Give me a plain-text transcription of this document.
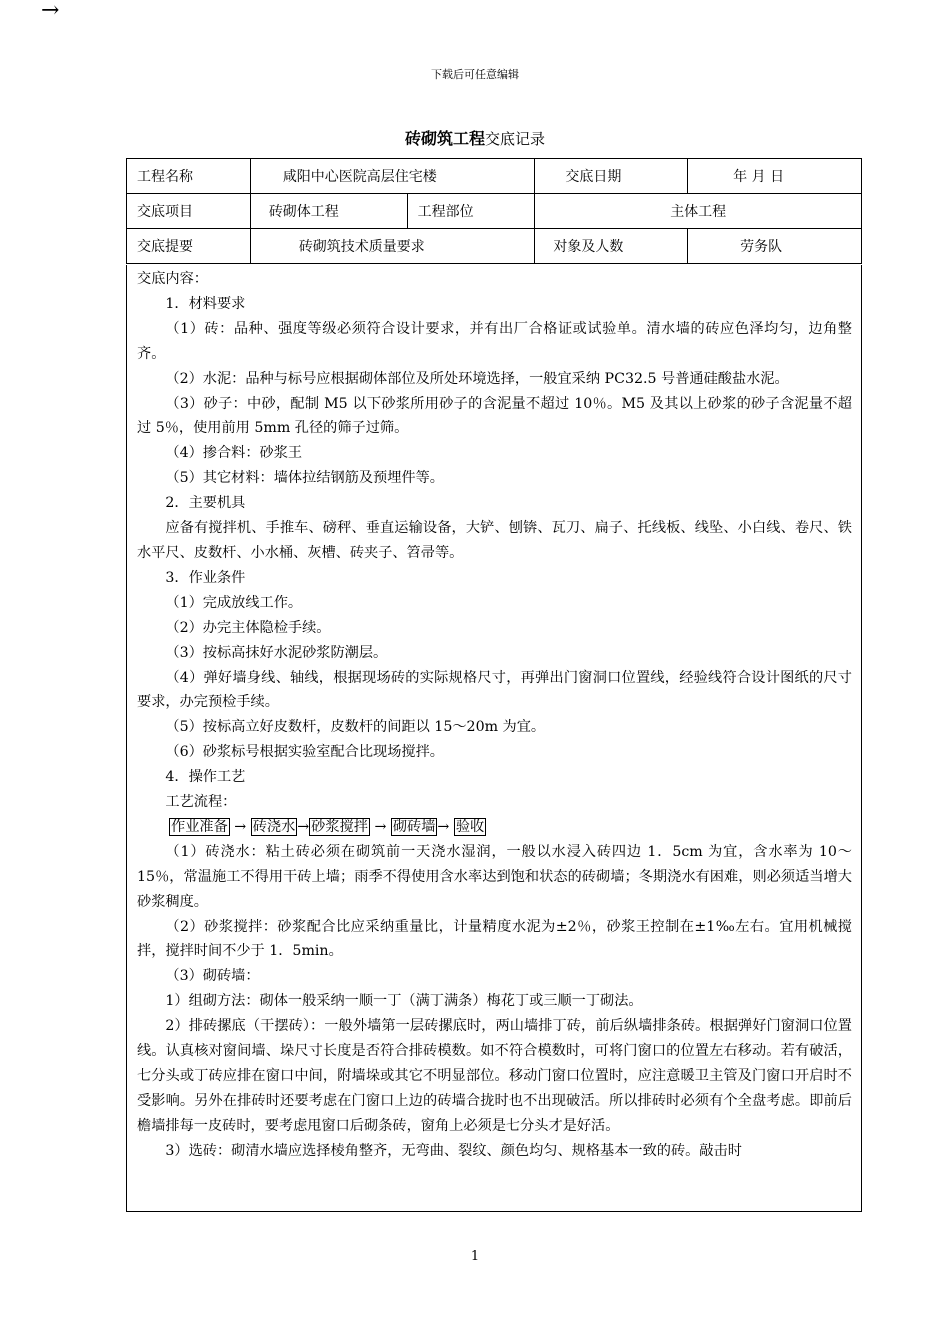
→
下载后可任意编辑
砖砌筑工程交底记录
工程名称	咸阳中心医院高层住宅楼		交底日期	年 月 日
交底项目	砖砌体工程	工程部位	主体工程	
交底提要	砖砌筑技术质量要求		对象及人数	劳务队

交底内容：

1．材料要求

（1）砖：品种、强度等级必须符合设计要求，并有出厂合格证或试验单。清水墙的砖应色泽均匀，边角整齐。

（2）水泥：品种与标号应根据砌体部位及所处环境选择，一般宜采纳 PC32.5 号普通硅酸盐水泥。

（3）砂子：中砂，配制 M5 以下砂浆所用砂子的含泥量不超过 10％。M5 及其以上砂浆的砂子含泥量不超过 5％，使用前用 5mm 孔径的筛子过筛。

（4）掺合料：砂浆王

（5）其它材料：墙体拉结钢筋及预埋件等。

2．主要机具

应备有搅拌机、手推车、磅秤、垂直运输设备，大铲、刨锛、瓦刀、扁子、托线板、线坠、小白线、卷尺、铁水平尺、皮数杆、小水桶、灰槽、砖夹子、笤帚等。

3．作业条件

（1）完成放线工作。

（2）办完主体隐检手续。

（3）按标高抹好水泥砂浆防潮层。

（4）弹好墙身线、轴线，根据现场砖的实际规格尺寸，再弹出门窗洞口位置线，经验线符合设计图纸的尺寸要求，办完预检手续。

（5）按标高立好皮数杆，皮数杆的间距以 15～20m 为宜。

（6）砂浆标号根据实验室配合比现场搅拌。

4．操作工艺

工艺流程：

作业准备 → 砖浇水 → 砂浆搅拌 → 砌砖墙 → 验收

（1）砖浇水：粘土砖必须在砌筑前一天浇水湿润，一般以水浸入砖四边 1．5cm 为宜，含水率为 10～15％，常温施工不得用干砖上墙；雨季不得使用含水率达到饱和状态的砖砌墙；冬期浇水有困难，则必须适当增大砂浆稠度。

（2）砂浆搅拌：砂浆配合比应采纳重量比，计量精度水泥为±2％，砂浆王控制在±1‰左右。宜用机械搅拌，搅拌时间不少于 1．5min。

（3）砌砖墙：

1）组砌方法：砌体一般采纳一顺一丁（满丁满条）梅花丁或三顺一丁砌法。

2）排砖摞底（干摆砖）：一般外墙第一层砖摞底时，两山墙排丁砖，前后纵墙排条砖。根据弹好门窗洞口位置线。认真核对窗间墙、垛尺寸长度是否符合排砖模数。如不符合模数时，可将门窗口的位置左右移动。若有破活，七分头或丁砖应排在窗口中间，附墙垛或其它不明显部位。移动门窗口位置时，应注意暖卫主管及门窗口开启时不受影响。另外在排砖时还要考虑在门窗口上边的砖墙合拢时也不出现破活。所以排砖时必须有个全盘考虑。即前后檐墙排每一皮砖时，要考虑甩窗口后砌条砖，窗角上必须是七分头才是好活。

3）选砖：砌清水墙应选择棱角整齐，无弯曲、裂纹、颜色均匀、规格基本一致的砖。敲击时

1
